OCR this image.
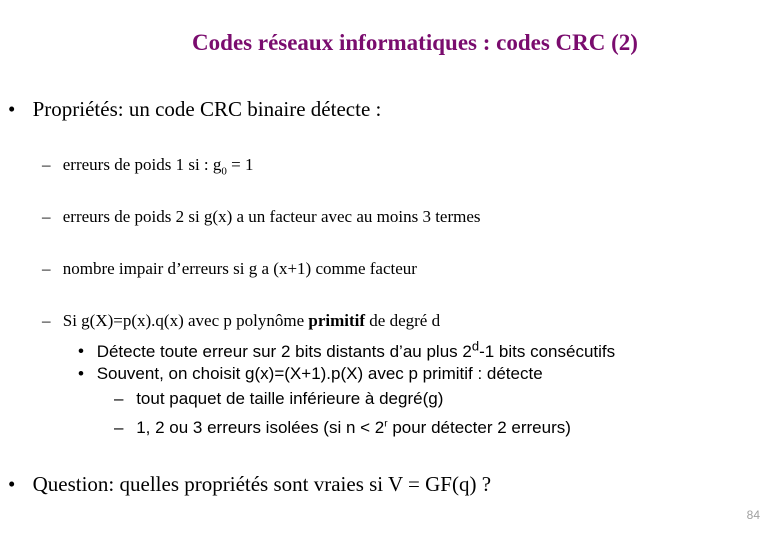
Codes réseaux informatiques : codes CRC (2)
• Propriétés: un code CRC binaire détecte :
– erreurs de poids 1 si : $g_0 = 1$
– erreurs de poids 2 si g(x) a un facteur avec au moins 3 termes
– nombre impair d’erreurs si g a (x+1) comme facteur
– Si g(X)=p(x).q(x) avec p polynôme primitif de degré d
• Détecte toute erreur sur 2 bits distants d’au plus 2$^d$-1 bits consécutifs
• Souvent, on choisit g(x)=(X+1).p(X) avec p primitif : détecte
– tout paquet de taille inférieure à degré(g)
– 1, 2 ou 3 erreurs isolées (si $n < 2^r$ pour détecter 2 erreurs)
• Question: quelles propriétés sont vraies si V = GF(q) ?
84
